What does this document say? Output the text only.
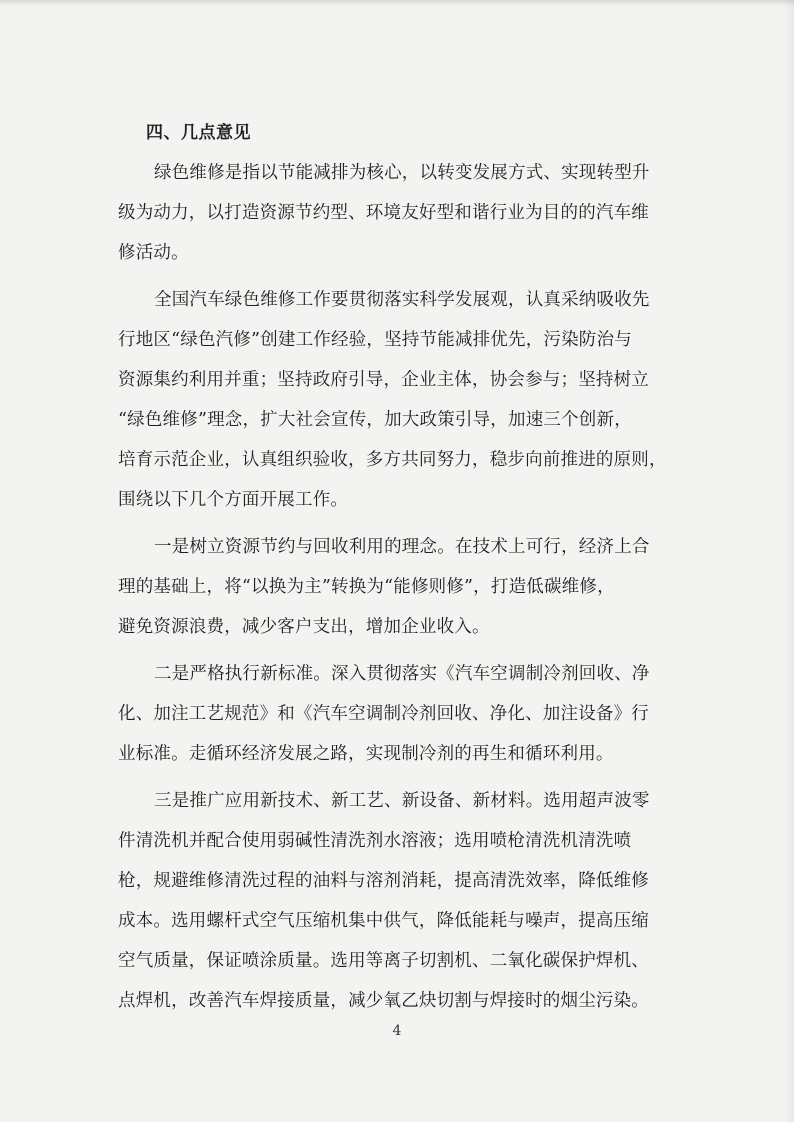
四、几点意见
绿色维修是指以节能减排为核心，以转变发展方式、实现转型升
级为动力，以打造资源节约型、环境友好型和谐行业为目的的汽车维
修活动。
全国汽车绿色维修工作要贯彻落实科学发展观，认真采纳吸收先
行地区“绿色汽修”创建工作经验，坚持节能减排优先，污染防治与
资源集约利用并重；坚持政府引导，企业主体，协会参与；坚持树立
“绿色维修”理念，扩大社会宣传，加大政策引导，加速三个创新，
培育示范企业，认真组织验收，多方共同努力，稳步向前推进的原则，
围绕以下几个方面开展工作。
一是树立资源节约与回收利用的理念。在技术上可行，经济上合
理的基础上，将“以换为主”转换为“能修则修”，打造低碳维修，
避免资源浪费，减少客户支出，增加企业收入。
二是严格执行新标准。深入贯彻落实《汽车空调制冷剂回收、净
化、加注工艺规范》和《汽车空调制冷剂回收、净化、加注设备》行
业标准。走循环经济发展之路，实现制冷剂的再生和循环利用。
三是推广应用新技术、新工艺、新设备、新材料。选用超声波零
件清洗机并配合使用弱碱性清洗剂水溶液；选用喷枪清洗机清洗喷
枪，规避维修清洗过程的油料与溶剂消耗，提高清洗效率，降低维修
成本。选用螺杆式空气压缩机集中供气，降低能耗与噪声，提高压缩
空气质量，保证喷涂质量。选用等离子切割机、二氧化碳保护焊机、
点焊机，改善汽车焊接质量，减少氧乙炔切割与焊接时的烟尘污染。
4
